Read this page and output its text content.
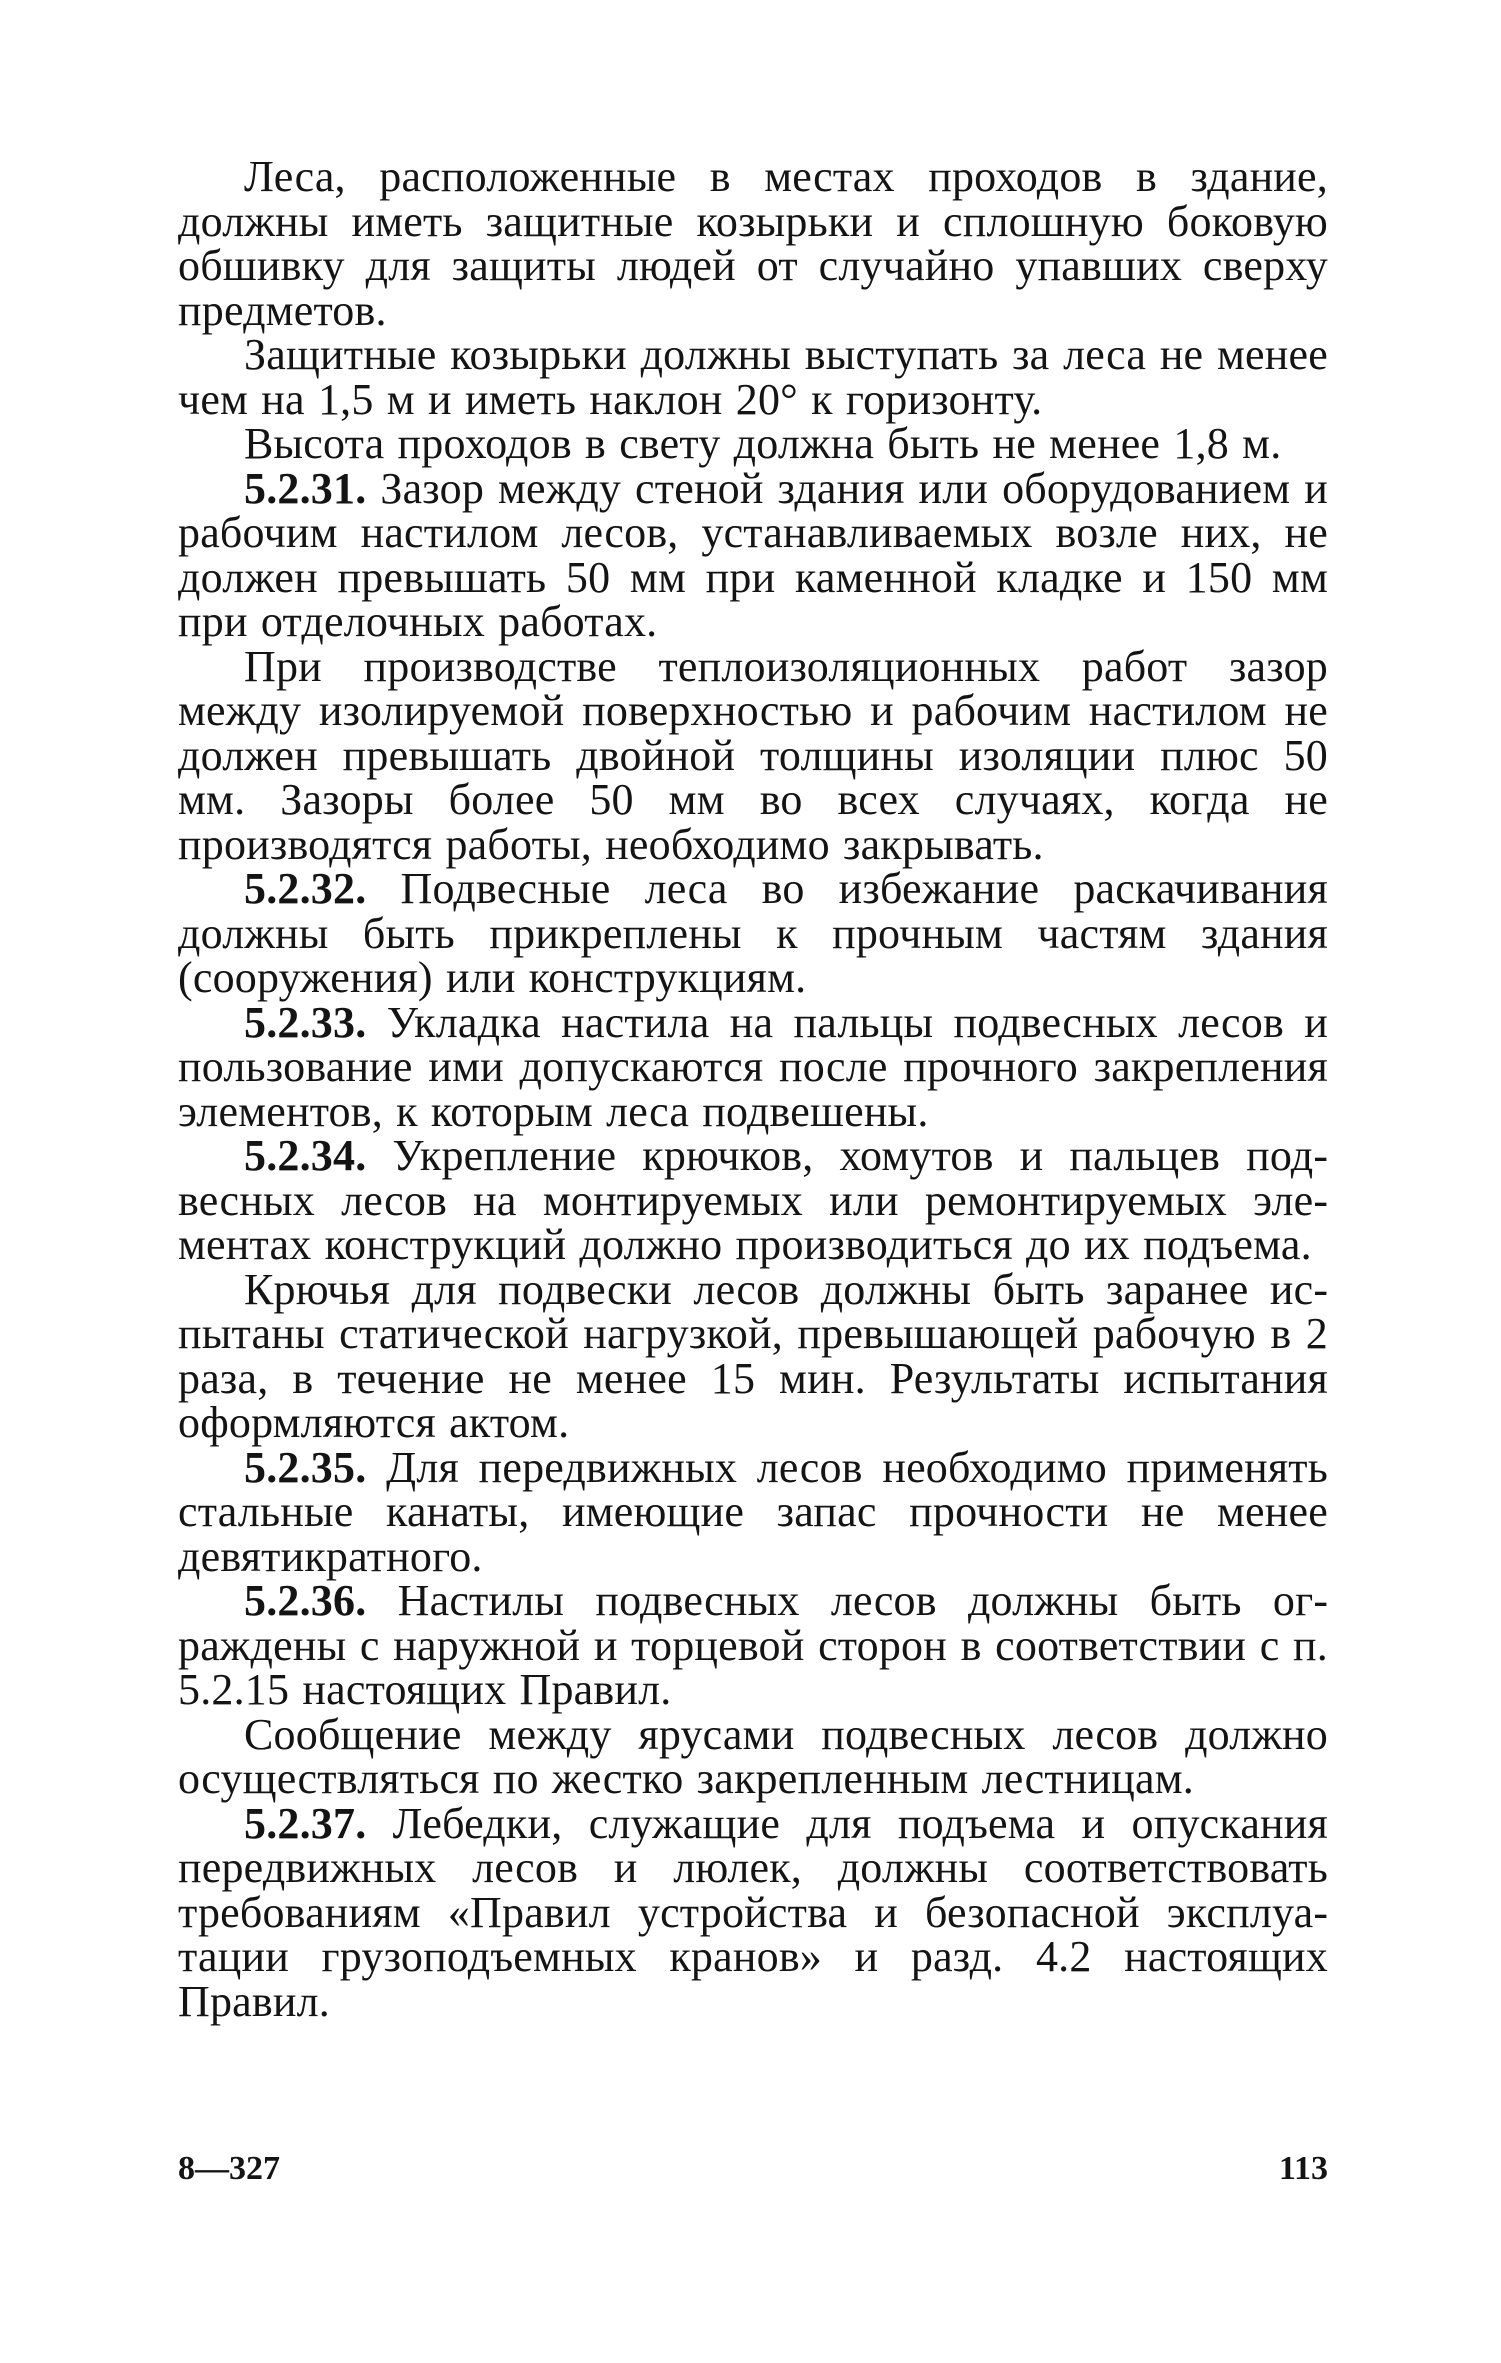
Леса, расположенные в местах проходов в здание, должны иметь защитные козырьки и сплошную боковую обшивку для защиты людей от случайно упавших сверху предметов.

Защитные козырьки должны выступать за леса не менее чем на 1,5 м и иметь наклон 20° к горизонту.

Высота проходов в свету должна быть не менее 1,8 м.

5.2.31. Зазор между стеной здания или оборудованием и рабочим настилом лесов, устанавливаемых возле них, не должен превышать 50 мм при каменной кладке и 150 мм при отделочных работах.

При производстве теплоизоляционных работ зазор между изолируемой поверхностью и рабочим настилом не должен превышать двойной толщины изоляции плюс 50 мм. Зазоры более 50 мм во всех случаях, когда не производятся работы, необходимо закрывать.

5.2.32. Подвесные леса во избежание раскачивания должны быть прикреплены к прочным частям здания (сооружения) или конструкциям.

5.2.33. Укладка настила на пальцы подвесных лесов и пользование ими допускаются после прочного закрепления элементов, к которым леса подвешены.

5.2.34. Укрепление крючков, хомутов и пальцев подвесных лесов на монтируемых или ремонтируемых элементах конструкций должно производиться до их подъема.

Крючья для подвески лесов должны быть заранее испытаны статической нагрузкой, превышающей рабочую в 2 раза, в течение не менее 15 мин. Результаты испытания оформляются актом.

5.2.35. Для передвижных лесов необходимо применять стальные канаты, имеющие запас прочности не менее девятикратного.

5.2.36. Настилы подвесных лесов должны быть ограждены с наружной и торцевой сторон в соответствии с п. 5.2.15 настоящих Правил.

Сообщение между ярусами подвесных лесов должно осуществляться по жестко закрепленным лестницам.

5.2.37. Лебедки, служащие для подъема и опускания передвижных лесов и люлек, должны соответствовать требованиям «Правил устройства и безопасной эксплуатации грузоподъемных кранов» и разд. 4.2 настоящих Правил.

8—327	113
